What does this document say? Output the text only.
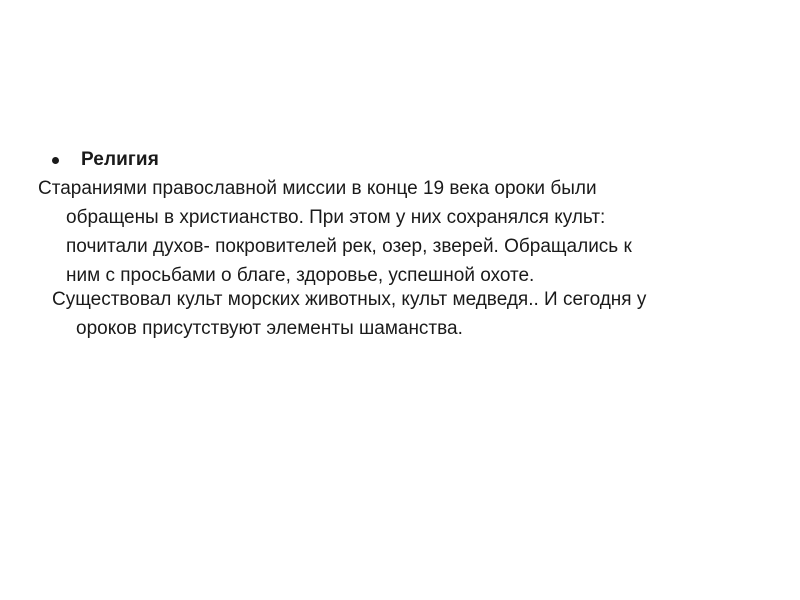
Религия

Стараниями православной миссии в конце 19 века ороки были
обращены в христианство. При этом у них сохранялся культ:
почитали духов- покровителей рек, озер, зверей. Обращались к
ним с просьбами о благе, здоровье, успешной охоте.

Существовал культ морских животных, культ медведя.. И сегодня у
ороков присутствуют элементы шаманства.
